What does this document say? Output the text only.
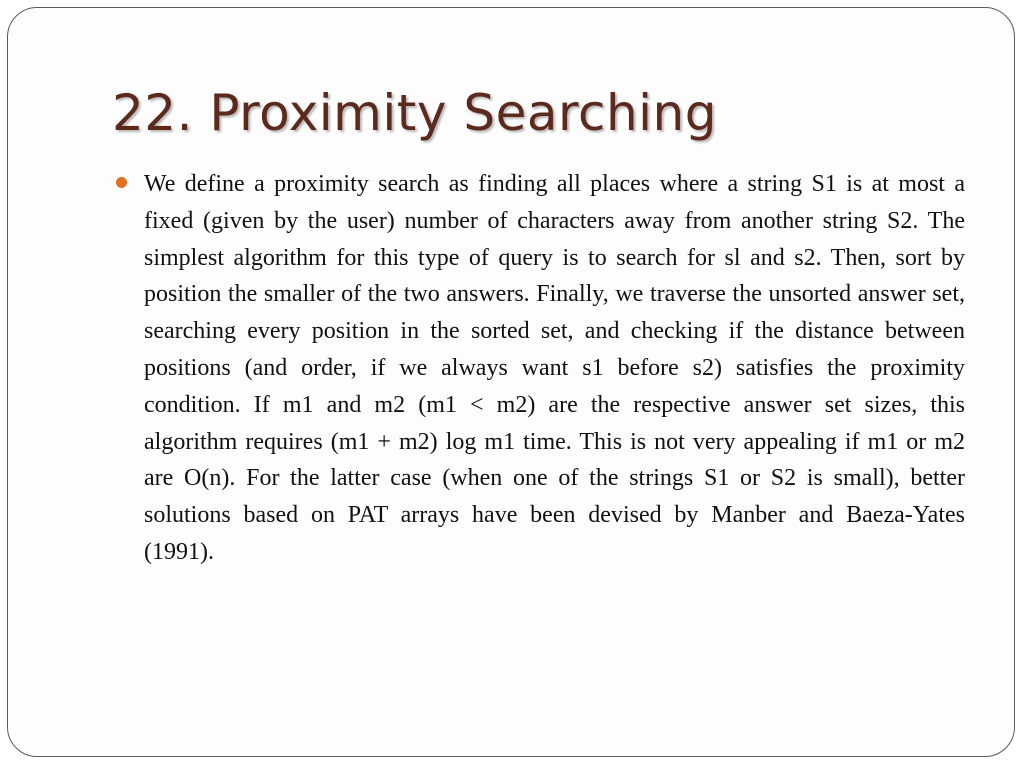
22. Proximity Searching

We define a proximity search as finding all places where a string S1 is at most a fixed (given by the user) number of characters away from another string S2. The simplest algorithm for this type of query is to search for sl and s2. Then, sort by position the smaller of the two answers. Finally, we traverse the unsorted answer set, searching every position in the sorted set, and checking if the distance between positions (and order, if we always want s1 before s2) satisfies the proximity condition. If m1 and m2 (m1 < m2) are the respective answer set sizes, this algorithm requires (m1 + m2) log m1 time. This is not very appealing if m1 or m2 are O(n). For the latter case (when one of the strings S1 or S2 is small), better solutions based on PAT arrays have been devised by Manber and Baeza-Yates (1991).
